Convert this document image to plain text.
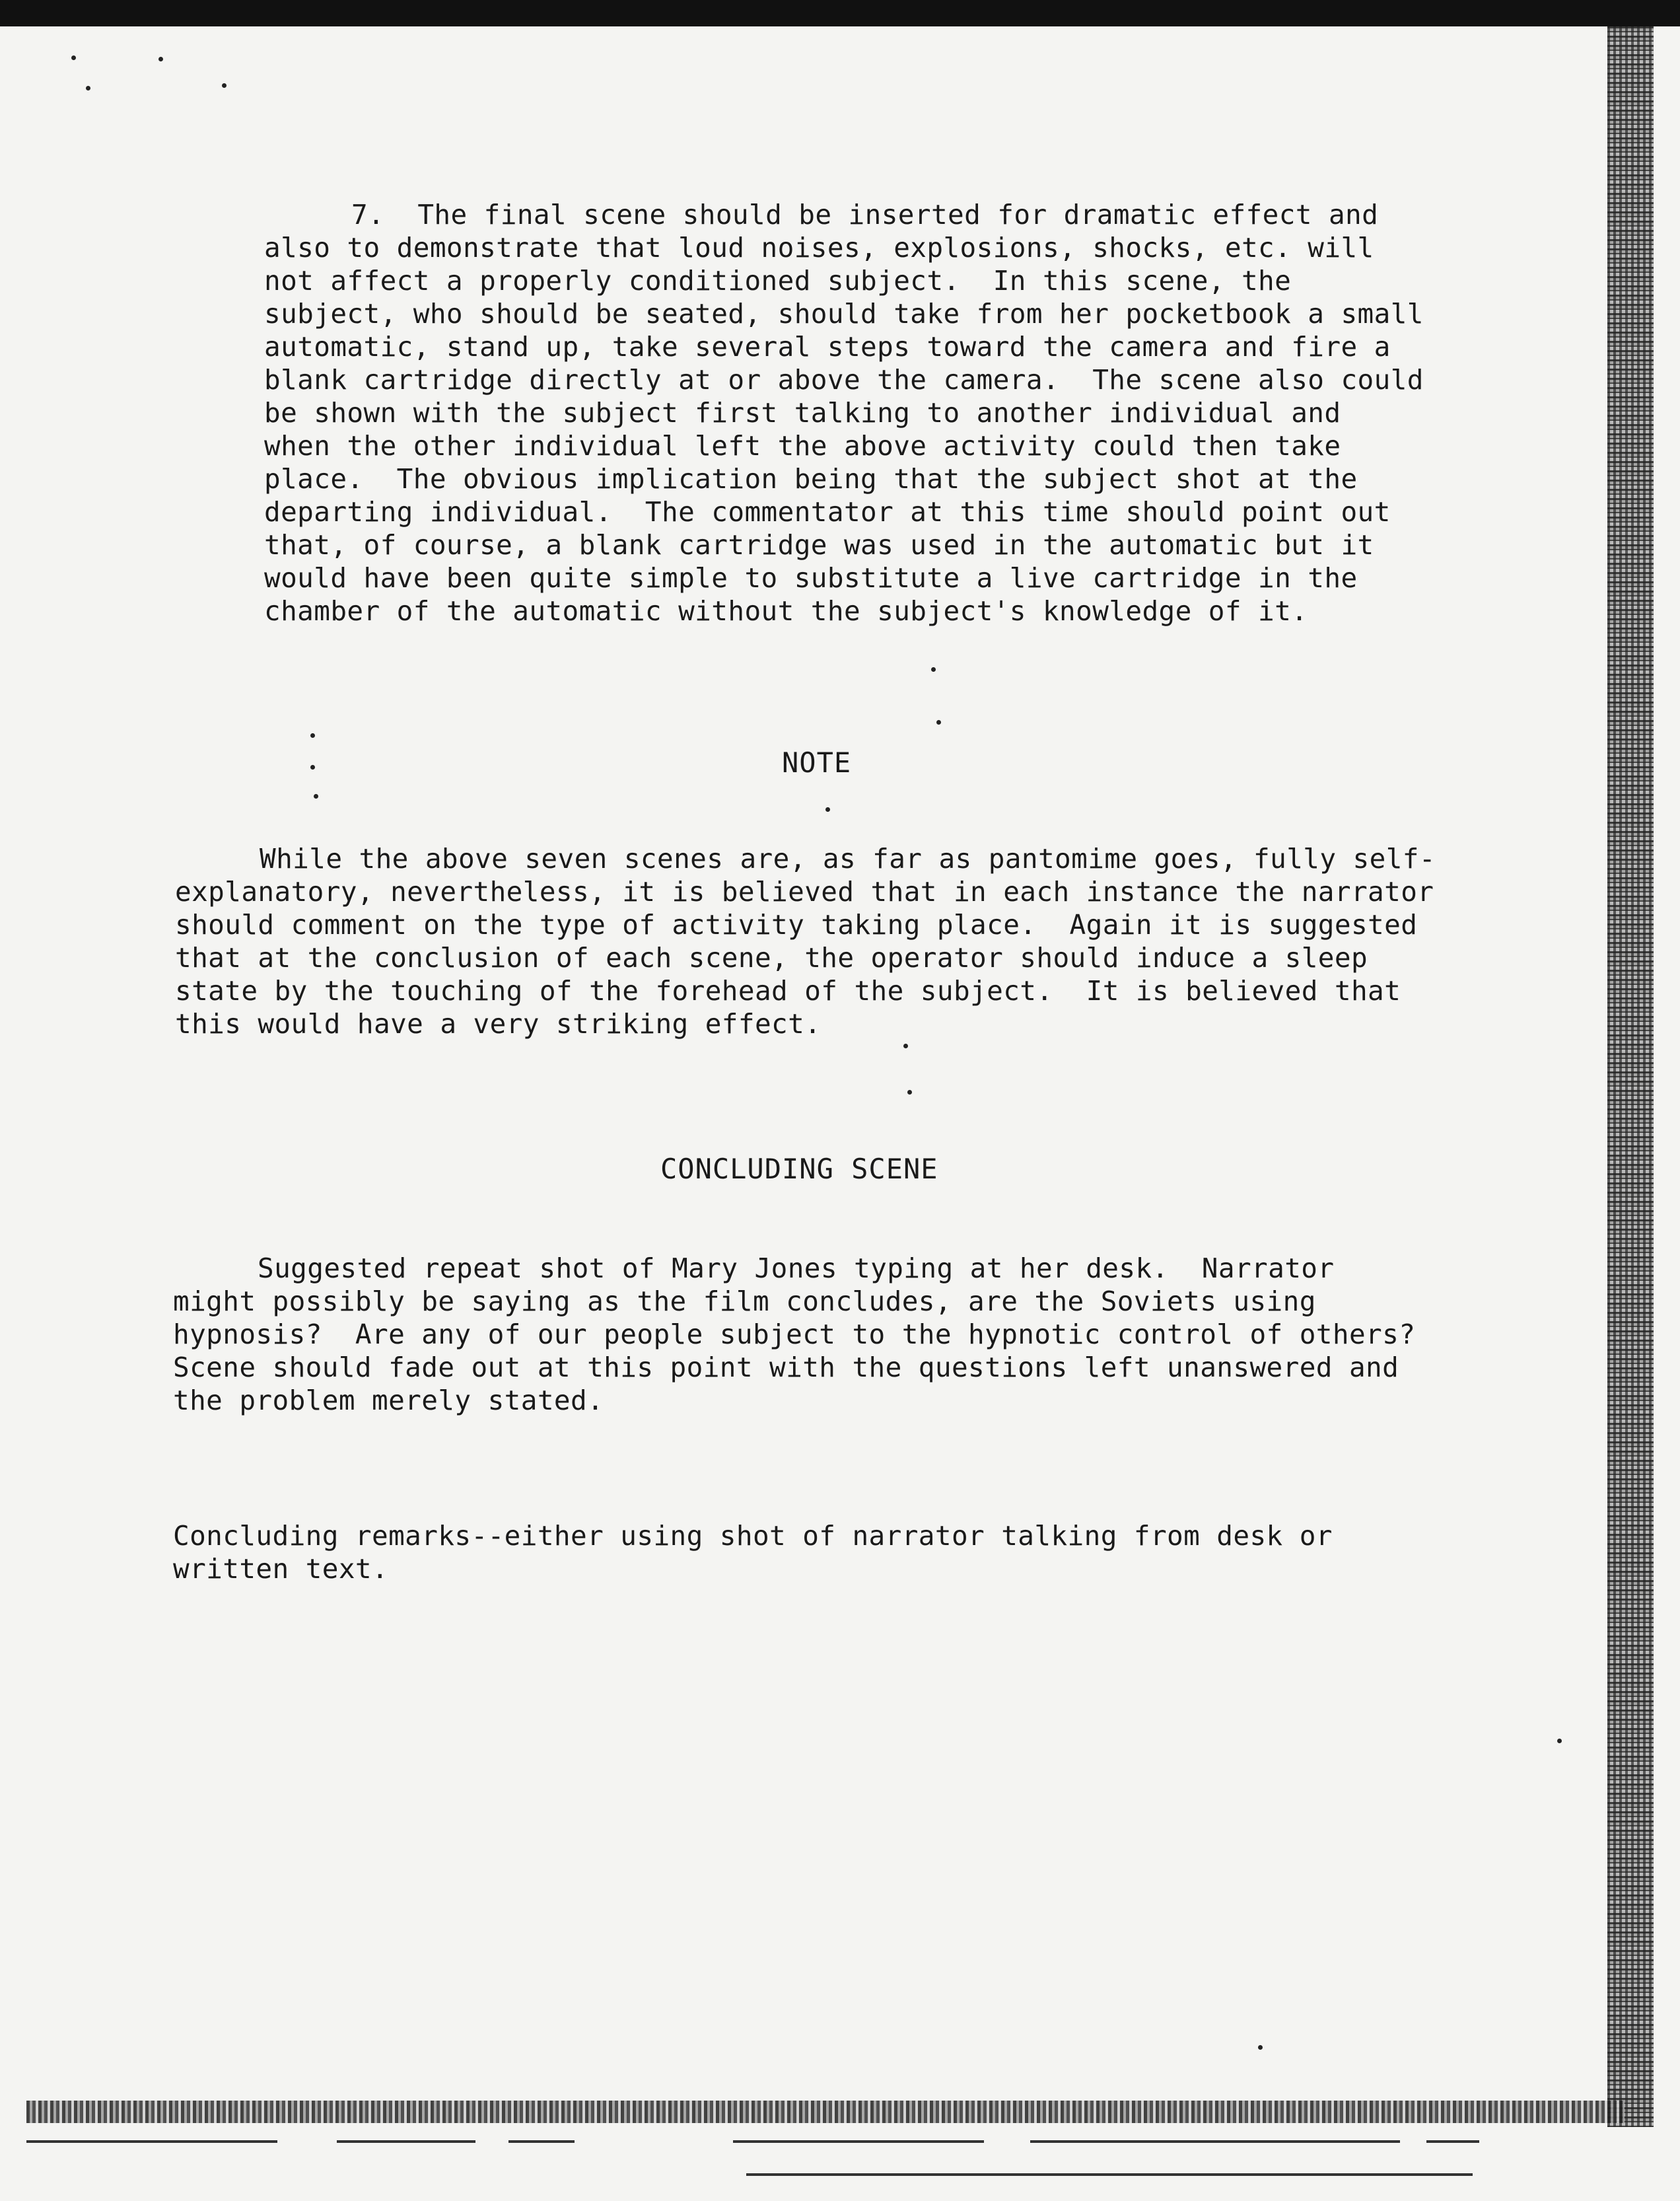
7.  The final scene should be inserted for dramatic effect and
also to demonstrate that loud noises, explosions, shocks, etc. will
not affect a properly conditioned subject.  In this scene, the
subject, who should be seated, should take from her pocketbook a small
automatic, stand up, take several steps toward the camera and fire a
blank cartridge directly at or above the camera.  The scene also could
be shown with the subject first talking to another individual and
when the other individual left the above activity could then take
place.  The obvious implication being that the subject shot at the
departing individual.  The commentator at this time should point out
that, of course, a blank cartridge was used in the automatic but it
would have been quite simple to substitute a live cartridge in the
chamber of the automatic without the subject's knowledge of it.
NOTE
While the above seven scenes are, as far as pantomime goes, fully self-
explanatory, nevertheless, it is believed that in each instance the narrator
should comment on the type of activity taking place.  Again it is suggested
that at the conclusion of each scene, the operator should induce a sleep
state by the touching of the forehead of the subject.  It is believed that
this would have a very striking effect.
CONCLUDING SCENE
Suggested repeat shot of Mary Jones typing at her desk.  Narrator
might possibly be saying as the film concludes, are the Soviets using
hypnosis?  Are any of our people subject to the hypnotic control of others?
Scene should fade out at this point with the questions left unanswered and
the problem merely stated.
Concluding remarks--either using shot of narrator talking from desk or
written text.
